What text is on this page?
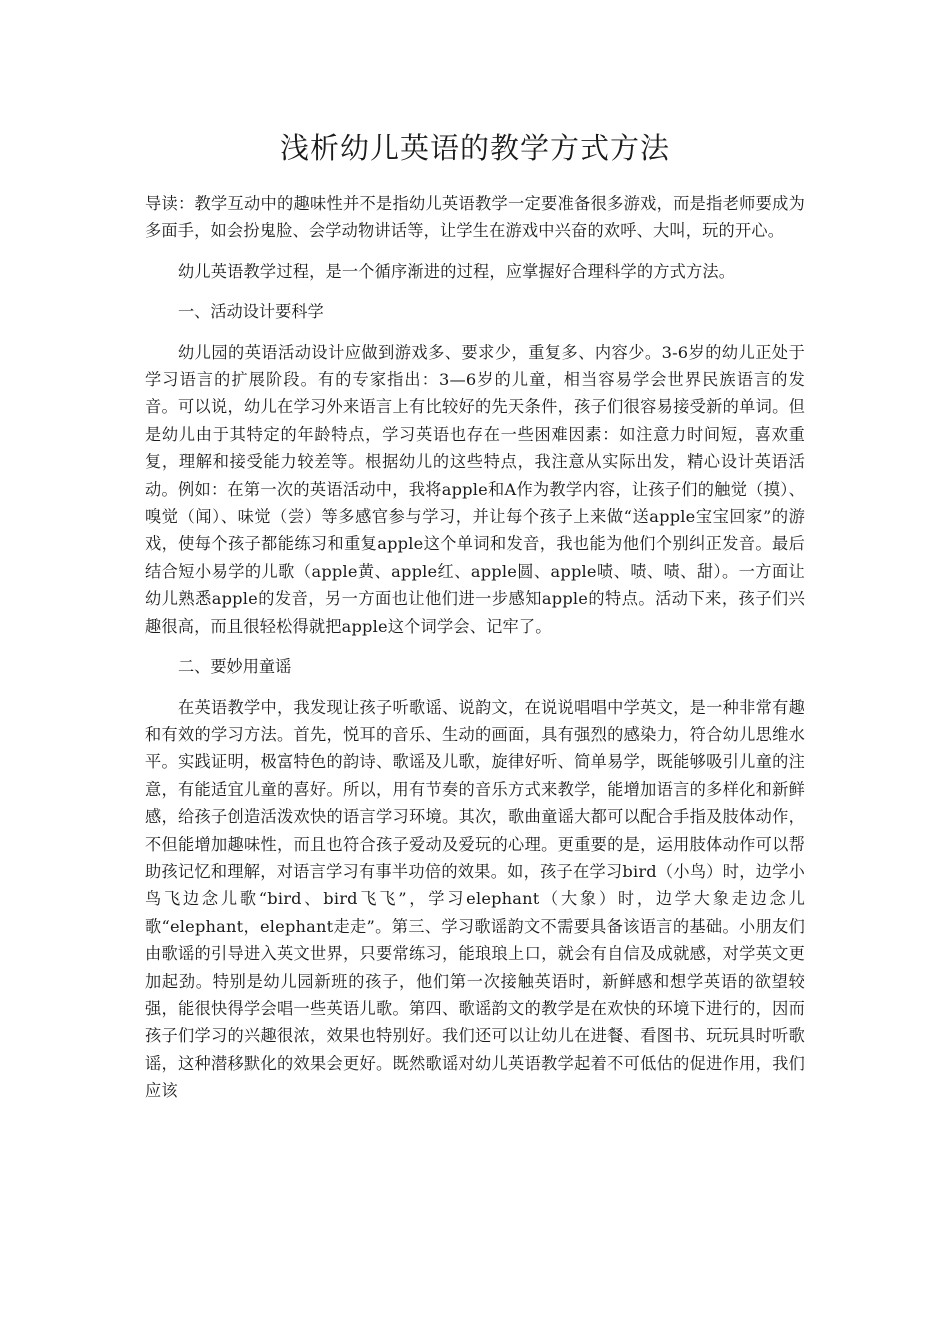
浅析幼儿英语的教学方式方法

导读：教学互动中的趣味性并不是指幼儿英语教学一定要准备很多游戏，而是指老师要成为多面手，如会扮鬼脸、会学动物讲话等，让学生在游戏中兴奋的欢呼、大叫，玩的开心。

幼儿英语教学过程，是一个循序渐进的过程，应掌握好合理科学的方式方法。

一、活动设计要科学

幼儿园的英语活动设计应做到游戏多、要求少，重复多、内容少。3-6岁的幼儿正处于学习语言的扩展阶段。有的专家指出：3—6岁的儿童，相当容易学会世界民族语言的发音。可以说，幼儿在学习外来语言上有比较好的先天条件，孩子们很容易接受新的单词。但是幼儿由于其特定的年龄特点，学习英语也存在一些困难因素：如注意力时间短，喜欢重复，理解和接受能力较差等。根据幼儿的这些特点，我注意从实际出发，精心设计英语活动。例如：在第一次的英语活动中，我将apple和A作为教学内容，让孩子们的触觉（摸）、嗅觉（闻）、味觉（尝）等多感官参与学习，并让每个孩子上来做“送apple宝宝回家”的游戏，使每个孩子都能练习和重复apple这个单词和发音，我也能为他们个别纠正发音。最后结合短小易学的儿歌（apple黄、apple红、apple圆、apple啧、啧、啧、甜）。一方面让幼儿熟悉apple的发音，另一方面也让他们进一步感知apple的特点。活动下来，孩子们兴趣很高，而且很轻松得就把apple这个词学会、记牢了。

二、要妙用童谣

在英语教学中，我发现让孩子听歌谣、说韵文，在说说唱唱中学英文，是一种非常有趣和有效的学习方法。首先，悦耳的音乐、生动的画面，具有强烈的感染力，符合幼儿思维水平。实践证明，极富特色的韵诗、歌谣及儿歌，旋律好听、简单易学，既能够吸引儿童的注意，有能适宜儿童的喜好。所以，用有节奏的音乐方式来教学，能增加语言的多样化和新鲜感，给孩子创造活泼欢快的语言学习环境。其次，歌曲童谣大都可以配合手指及肢体动作，不但能增加趣味性，而且也符合孩子爱动及爱玩的心理。更重要的是，运用肢体动作可以帮助孩记忆和理解，对语言学习有事半功倍的效果。如，孩子在学习bird（小鸟）时，边学小鸟飞边念儿歌“bird、bird飞飞”，学习elephant（大象）时，边学大象走边念儿歌“elephant，elephant走走”。第三、学习歌谣韵文不需要具备该语言的基础。小朋友们由歌谣的引导进入英文世界，只要常练习，能琅琅上口，就会有自信及成就感，对学英文更加起劲。特别是幼儿园新班的孩子，他们第一次接触英语时，新鲜感和想学英语的欲望较强，能很快得学会唱一些英语儿歌。第四、歌谣韵文的教学是在欢快的环境下进行的，因而孩子们学习的兴趣很浓，效果也特别好。我们还可以让幼儿在进餐、看图书、玩玩具时听歌谣，这种潜移默化的效果会更好。既然歌谣对幼儿英语教学起着不可低估的促进作用，我们应该
